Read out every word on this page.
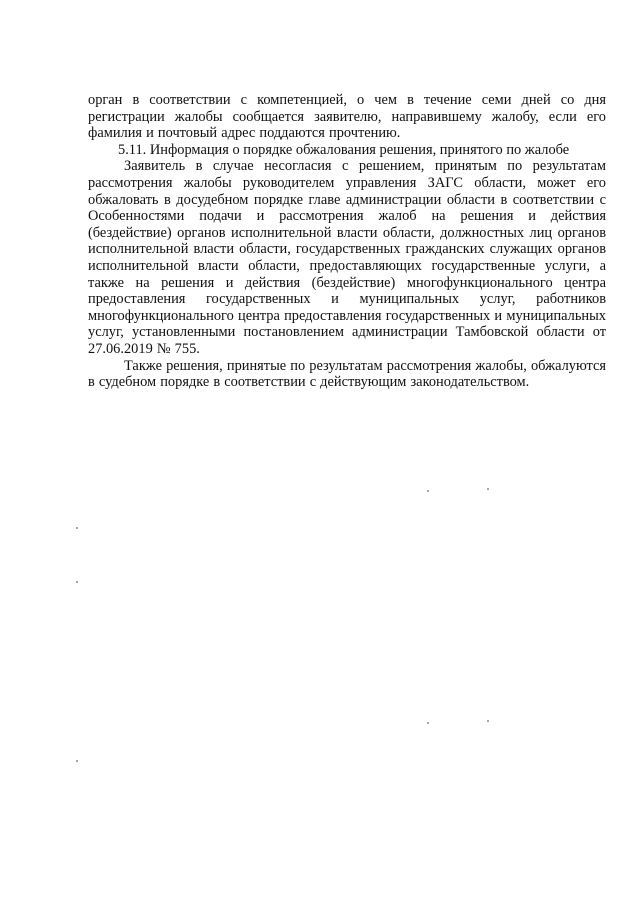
орган в соответствии с компетенцией, о чем в течение семи дней со дня регистрации жалобы сообщается заявителю, направившему жалобу, если его фамилия и почтовый адрес поддаются прочтению.

5.11. Информация о порядке обжалования решения, принятого по жалобе

Заявитель в случае несогласия с решением, принятым по результатам рассмотрения жалобы руководителем управления ЗАГС области, может его обжаловать в досудебном порядке главе администрации области в соответствии с Особенностями подачи и рассмотрения жалоб на решения и действия (бездействие) органов исполнительной власти области, должностных лиц органов исполнительной власти области, государственных гражданских служащих органов исполнительной власти области, предоставляющих государственные услуги, а также на решения и действия (бездействие) многофункционального центра предоставления государственных и муниципальных услуг, работников многофункционального центра предоставления государственных и муниципальных услуг, установленными постановлением администрации Тамбовской области от 27.06.2019 № 755.

Также решения, принятые по результатам рассмотрения жалобы, обжалуются в судебном порядке в соответствии с действующим законодательством.
